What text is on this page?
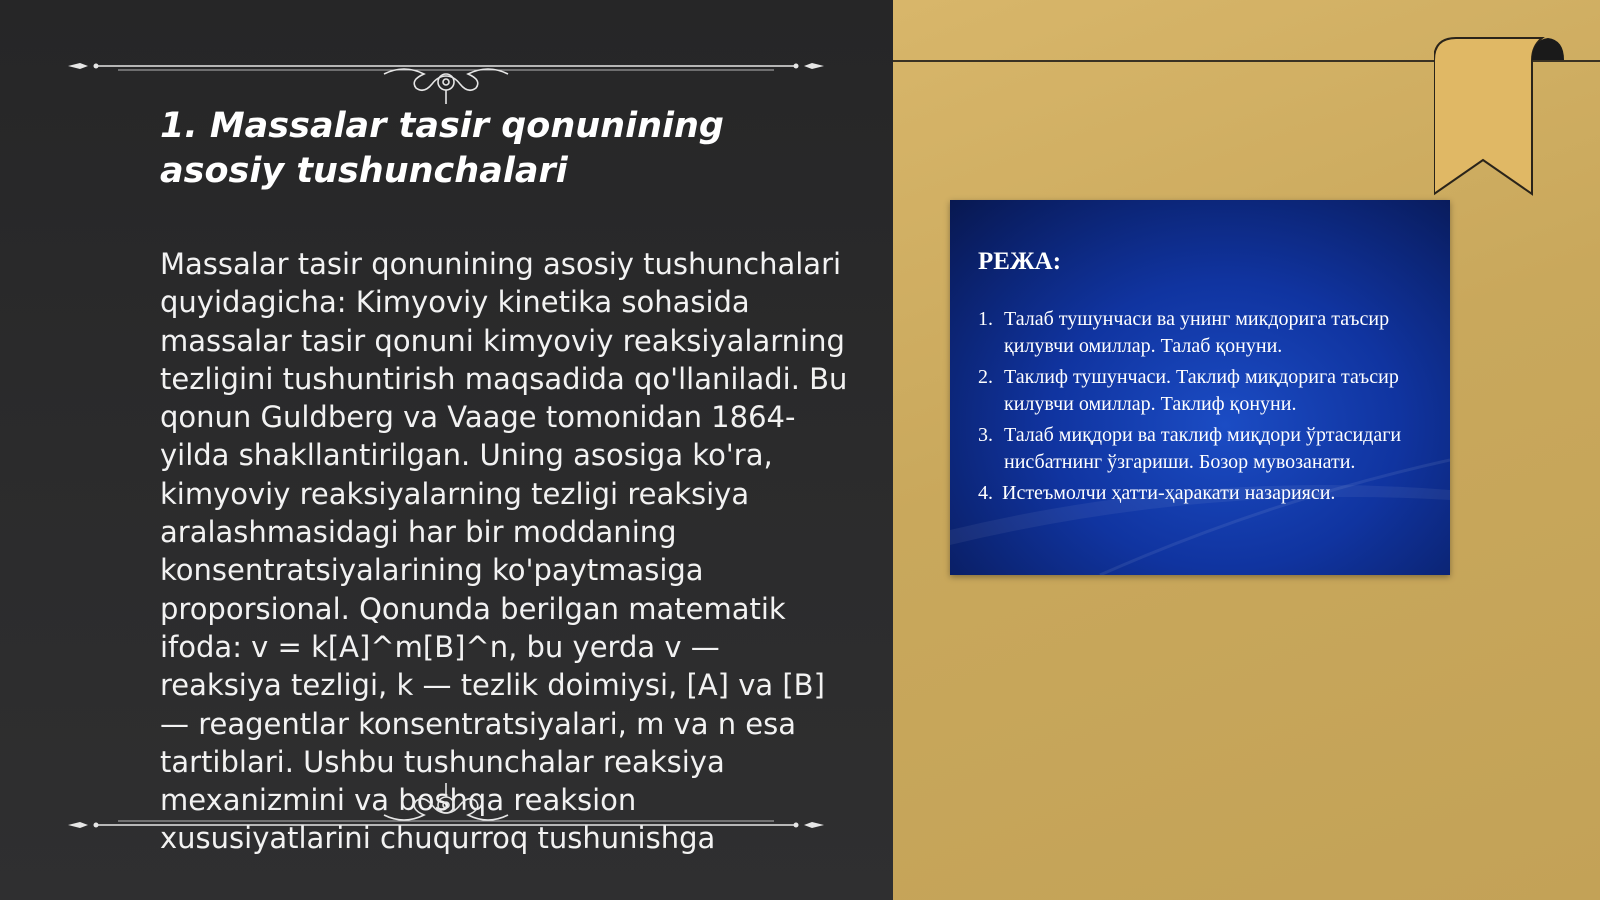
1. Massalar tasir qonunining asosiy tushunchalari

Massalar tasir qonunining asosiy tushunchalari quyidagicha: Kimyoviy kinetika sohasida massalar tasir qonuni kimyoviy reaksiyalarning tezligini tushuntirish maqsadida qo'llaniladi. Bu qonun Guldberg va Vaage tomonidan 1864-yilda shakllantirilgan. Uning asosiga ko'ra, kimyoviy reaksiyalarning tezligi reaksiya aralashmasidagi har bir moddaning konsentratsiyalarining ko'paytmasiga proporsional. Qonunda berilgan matematik ifoda: v = k[A]^m[B]^n, bu yerda v — reaksiya tezligi, k — tezlik doimiysi, [A] va [B] — reagentlar konsentratsiyalari, m va n esa tartiblari. Ushbu tushunchalar reaksiya mexanizmini va boshqa reaksion xususiyatlarini chuqurroq tushunishga

РЕЖА:
1. Талаб тушунчаси ва унинг микдорига таъсир қилувчи омиллар. Талаб қонуни.
2. Таклиф тушунчаси. Таклиф миқдорига таъсир килувчи омиллар. Таклиф қонуни.
3. Талаб миқдори ва таклиф миқдори ўртасидаги нисбатнинг ўзгариши. Бозор мувозанати.
4. Истеъмолчи ҳатти-ҳаракати назарияси.
